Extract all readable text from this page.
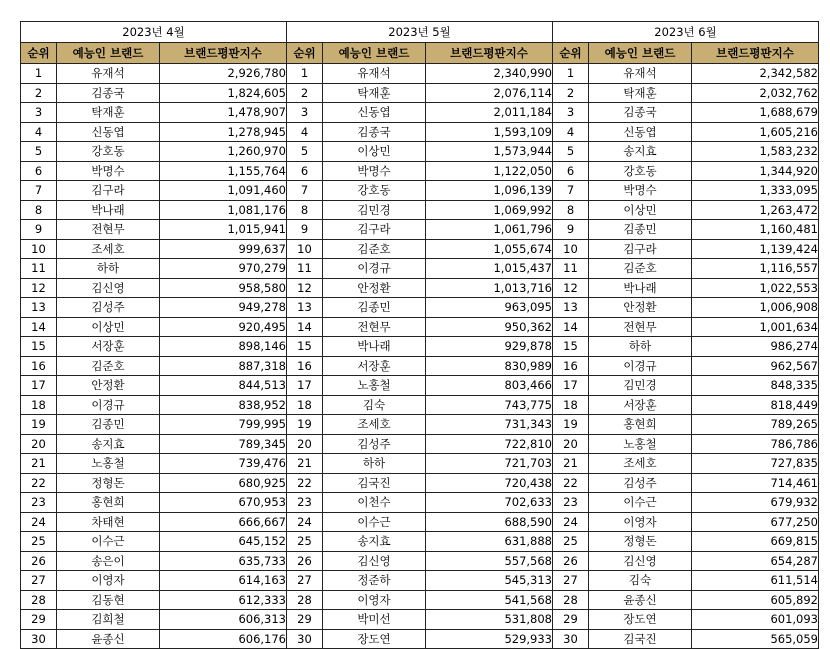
2023년 4월		
순위	예능인 브랜드	브랜드평판지수
1	유재석	2,926,780
2	김종국	1,824,605
3	탁재훈	1,478,907
4	신동엽	1,278,945
5	강호동	1,260,970
6	박명수	1,155,764
7	김구라	1,091,460
8	박나래	1,081,176
9	전현무	1,015,941
10	조세호	999,637
11	하하	970,279
12	김신영	958,580
13	김성주	949,278
14	이상민	920,495
15	서장훈	898,146
16	김준호	887,318
17	안정환	844,513
18	이경규	838,952
19	김종민	799,995
20	송지효	789,345
21	노홍철	739,476
22	정형돈	680,925
23	홍현희	670,953
24	차태현	666,667
25	이수근	645,152
26	송은이	635,733
27	이영자	614,163
28	김동현	612,333
29	김희철	606,313
30	윤종신	606,176
2023년 5월		
순위	예능인 브랜드	브랜드평판지수
1	유재석	2,340,990
2	탁재훈	2,076,114
3	신동엽	2,011,184
4	김종국	1,593,109
5	이상민	1,573,944
6	박명수	1,122,050
7	강호동	1,096,139
8	김민경	1,069,992
9	김구라	1,061,796
10	김준호	1,055,674
11	이경규	1,015,437
12	안정환	1,013,716
13	김종민	963,095
14	전현무	950,362
15	박나래	929,878
16	서장훈	830,989
17	노홍철	803,466
18	김숙	743,775
19	조세호	731,343
20	김성주	722,810
21	하하	721,703
22	김국진	720,438
23	이천수	702,633
24	이수근	688,590
25	송지효	631,888
26	김신영	557,568
27	정준하	545,313
28	이영자	541,568
29	박미선	531,808
30	장도연	529,933
2023년 6월		
순위	예능인 브랜드	브랜드평판지수
1	유재석	2,342,582
2	탁재훈	2,032,762
3	김종국	1,688,679
4	신동엽	1,605,216
5	송지효	1,583,232
6	강호동	1,344,920
7	박명수	1,333,095
8	이상민	1,263,472
9	김종민	1,160,481
10	김구라	1,139,424
11	김준호	1,116,557
12	박나래	1,022,553
13	안정환	1,006,908
14	전현무	1,001,634
15	하하	986,274
16	이경규	962,567
17	김민경	848,335
18	서장훈	818,449
19	홍현희	789,265
20	노홍철	786,786
21	조세호	727,835
22	김성주	714,461
23	이수근	679,932
24	이영자	677,250
25	정형돈	669,815
26	김신영	654,287
27	김숙	611,514
28	윤종신	605,892
29	장도연	601,093
30	김국진	565,059
